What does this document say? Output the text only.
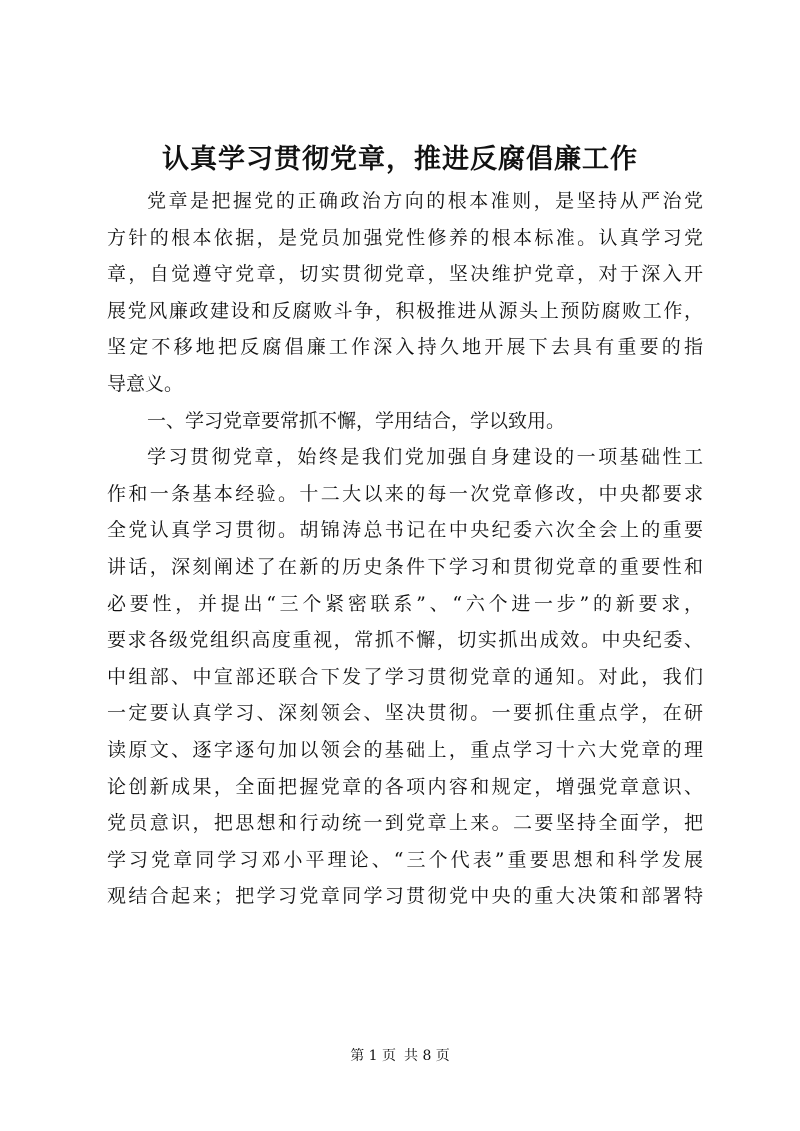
认真学习贯彻党章，推进反腐倡廉工作
党章是把握党的正确政治方向的根本准则，是坚持从严治党
方针的根本依据，是党员加强党性修养的根本标准。认真学习党
章，自觉遵守党章，切实贯彻党章，坚决维护党章，对于深入开
展党风廉政建设和反腐败斗争，积极推进从源头上预防腐败工作，
坚定不移地把反腐倡廉工作深入持久地开展下去具有重要的指
导意义。
一、学习党章要常抓不懈，学用结合，学以致用。
学习贯彻党章，始终是我们党加强自身建设的一项基础性工
作和一条基本经验。十二大以来的每一次党章修改，中央都要求
全党认真学习贯彻。胡锦涛总书记在中央纪委六次全会上的重要
讲话，深刻阐述了在新的历史条件下学习和贯彻党章的重要性和
必要性，并提出“三个紧密联系”、“六个进一步”的新要求，
要求各级党组织高度重视，常抓不懈，切实抓出成效。中央纪委、
中组部、中宣部还联合下发了学习贯彻党章的通知。对此，我们
一定要认真学习、深刻领会、坚决贯彻。一要抓住重点学，在研
读原文、逐字逐句加以领会的基础上，重点学习十六大党章的理
论创新成果，全面把握党章的各项内容和规定，增强党章意识、
党员意识，把思想和行动统一到党章上来。二要坚持全面学，把
学习党章同学习邓小平理论、“三个代表”重要思想和科学发展
观结合起来；把学习党章同学习贯彻党中央的重大决策和部署特
第 1 页 共 8 页
